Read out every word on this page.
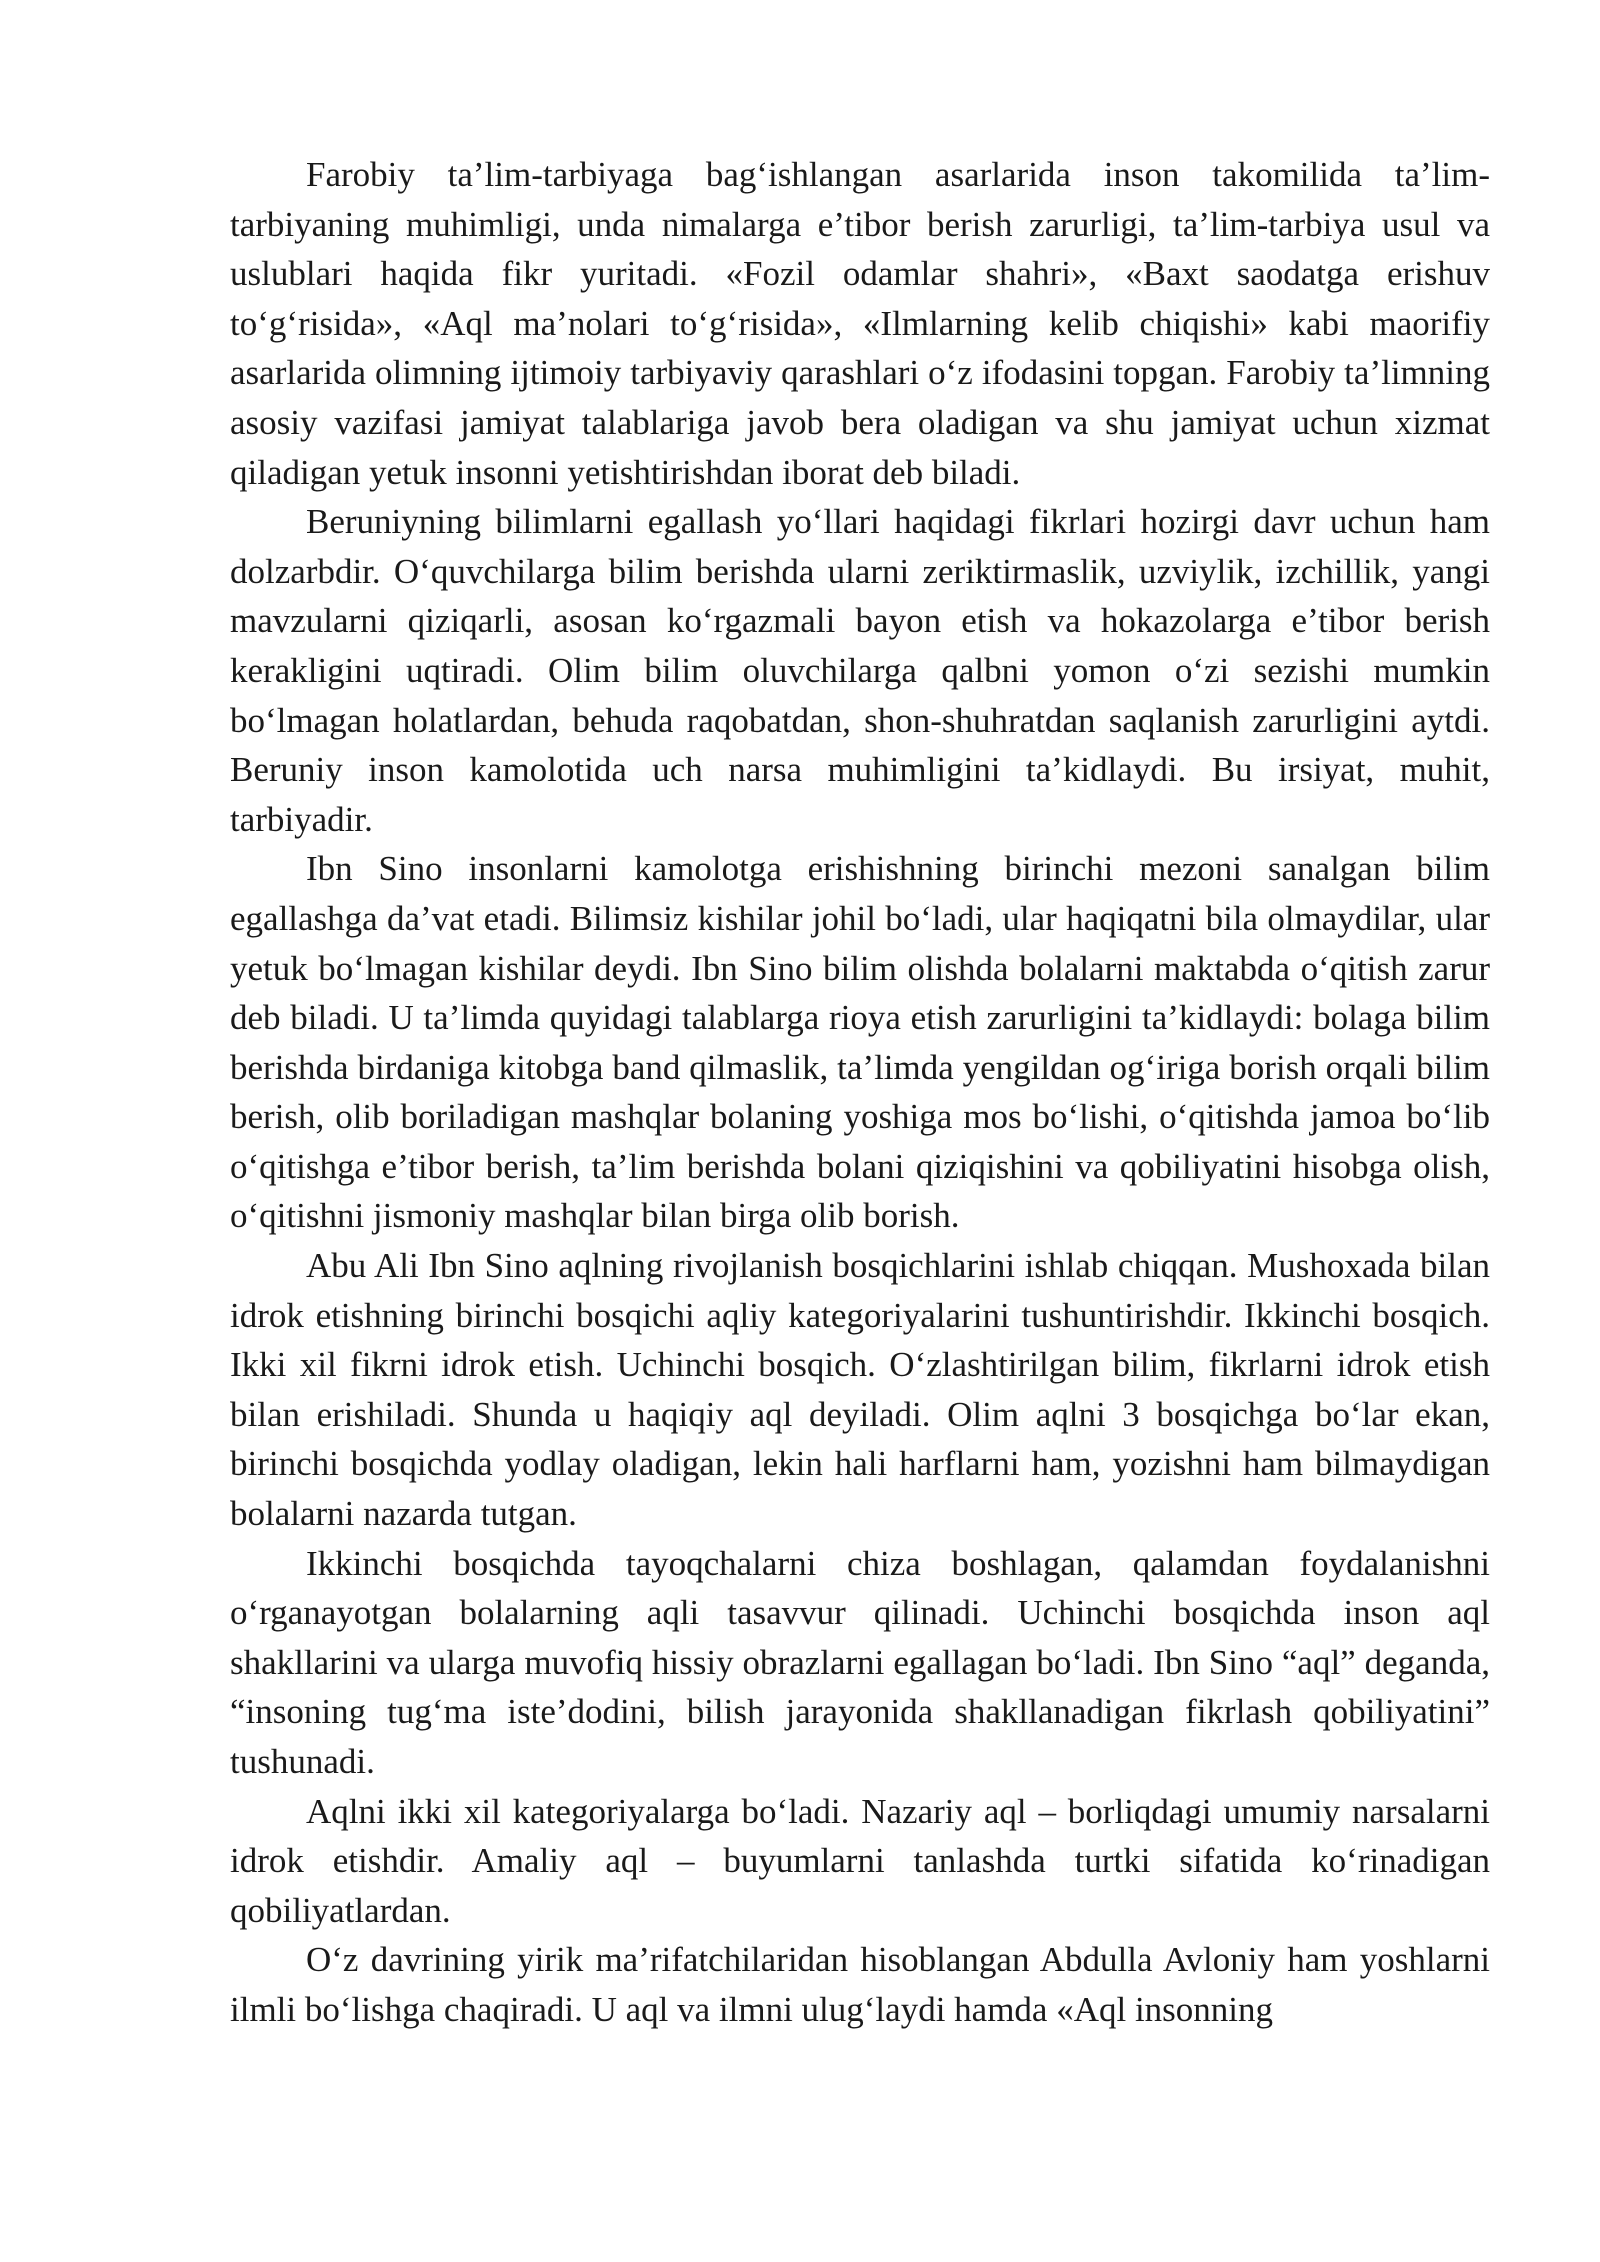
Farobiy ta’lim-tarbiyaga bag‘ishlangan asarlarida inson takomilida ta’lim-tarbiyaning muhimligi, unda nimalarga e’tibor berish zarurligi, ta’lim-tarbiya usul va uslublari haqida fikr yuritadi. «Fozil odamlar shahri», «Baxt saodatga erishuv to‘g‘risida», «Aql ma’nolari to‘g‘risida», «Ilmlarning kelib chiqishi» kabi maorifiy asarlarida olimning ijtimoiy tarbiyaviy qarashlari o‘z ifodasini topgan. Farobiy ta’limning asosiy vazifasi jamiyat talablariga javob bera oladigan va shu jamiyat uchun xizmat qiladigan yetuk insonni yetishtirishdan iborat deb biladi.

Beruniyning bilimlarni egallash yo‘llari haqidagi fikrlari hozirgi davr uchun ham dolzarbdir. O‘quvchilarga bilim berishda ularni zeriktirmaslik, uzviylik, izchillik, yangi mavzularni qiziqarli, asosan ko‘rgazmali bayon etish va hokazolarga e’tibor berish kerakligini uqtiradi. Olim bilim oluvchilarga qalbni yomon o‘zi sezishi mumkin bo‘lmagan holatlardan, behuda raqobatdan, shon-shuhratdan saqlanish zarurligini aytdi. Beruniy inson kamolotida uch narsa muhimligini ta’kidlaydi. Bu irsiyat, muhit, tarbiyadir.

Ibn Sino insonlarni kamolotga erishishning birinchi mezoni sanalgan bilim egallashga da’vat etadi. Bilimsiz kishilar johil bo‘ladi, ular haqiqatni bila olmaydilar, ular yetuk bo‘lmagan kishilar deydi. Ibn Sino bilim olishda bolalarni maktabda o‘qitish zarur deb biladi. U ta’limda quyidagi talablarga rioya etish zarurligini ta’kidlaydi: bolaga bilim berishda birdaniga kitobga band qilmaslik, ta’limda yengildan og‘iriga borish orqali bilim berish, olib boriladigan mashqlar bolaning yoshiga mos bo‘lishi, o‘qitishda jamoa bo‘lib o‘qitishga e’tibor berish, ta’lim berishda bolani qiziqishini va qobiliyatini hisobga olish, o‘qitishni jismoniy mashqlar bilan birga olib borish.

Abu Ali Ibn Sino aqlning rivojlanish bosqichlarini ishlab chiqqan. Mushoxada bilan idrok etishning birinchi bosqichi aqliy kategoriyalarini tushuntirishdir. Ikkinchi bosqich. Ikki xil fikrni idrok etish. Uchinchi bosqich. O‘zlashtirilgan bilim, fikrlarni idrok etish bilan erishiladi. Shunda u haqiqiy aql deyiladi. Olim aqlni 3 bosqichga bo‘lar ekan, birinchi bosqichda yodlay oladigan, lekin hali harflarni ham, yozishni ham bilmaydigan bolalarni nazarda tutgan.

Ikkinchi bosqichda tayoqchalarni chiza boshlagan, qalamdan foydalanishni o‘rganayotgan bolalarning aqli tasavvur qilinadi. Uchinchi bosqichda inson aql shakllarini va ularga muvofiq hissiy obrazlarni egallagan bo‘ladi. Ibn Sino “aql” deganda, “insoning tug‘ma iste’dodini, bilish jarayonida shakllanadigan fikrlash qobiliyatini” tushunadi.

Aqlni ikki xil kategoriyalarga bo‘ladi. Nazariy aql – borliqdagi umumiy narsalarni idrok etishdir. Amaliy aql – buyumlarni tanlashda turtki sifatida ko‘rinadigan qobiliyatlardan.

O‘z davrining yirik ma’rifatchilaridan hisoblangan Abdulla Avloniy ham yoshlarni ilmli bo‘lishga chaqiradi. U aql va ilmni ulug‘laydi hamda «Aql insonning
